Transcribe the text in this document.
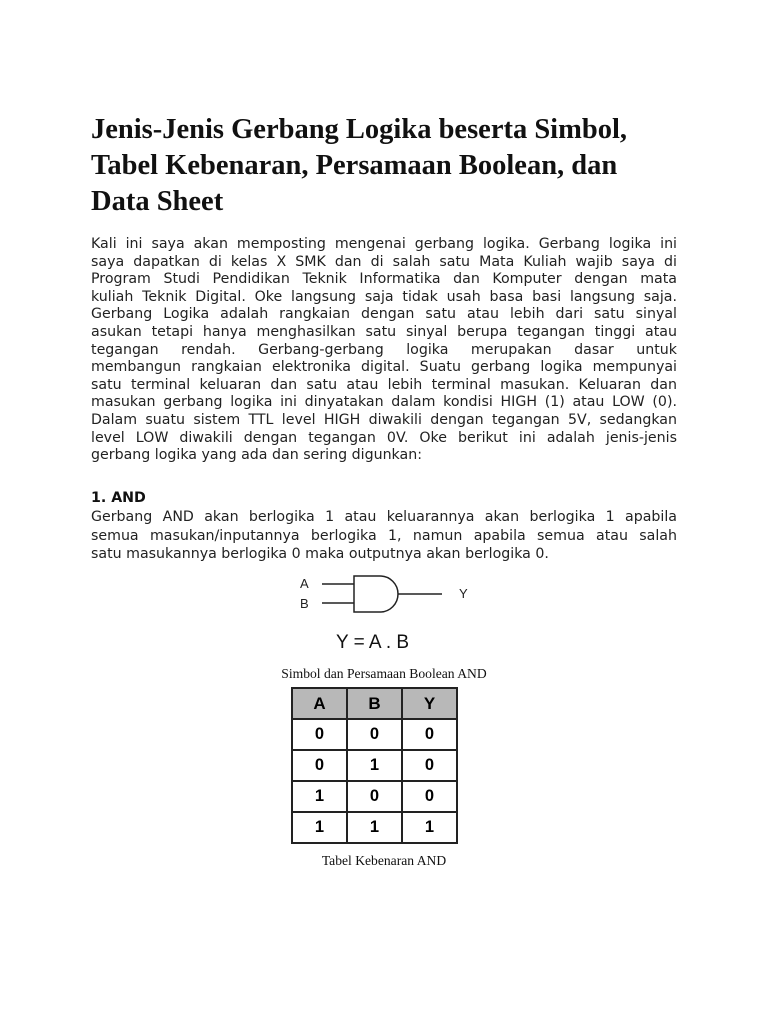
Jenis-Jenis Gerbang Logika beserta Simbol,
Tabel Kebenaran, Persamaan Boolean, dan
Data Sheet
Kali ini saya akan memposting mengenai gerbang logika. Gerbang logika ini
saya dapatkan di kelas X SMK dan di salah satu Mata Kuliah wajib saya di
Program Studi Pendidikan Teknik Informatika dan Komputer dengan mata
kuliah Teknik Digital. Oke langsung saja tidak usah basa basi langsung saja.
Gerbang Logika adalah rangkaian dengan satu atau lebih dari satu sinyal
asukan tetapi hanya menghasilkan satu sinyal berupa tegangan tinggi atau
tegangan rendah. Gerbang-gerbang logika merupakan dasar untuk
membangun rangkaian elektronika digital. Suatu gerbang logika mempunyai
satu terminal keluaran dan satu atau lebih terminal masukan. Keluaran dan
masukan gerbang logika ini dinyatakan dalam kondisi HIGH (1) atau LOW (0).
Dalam suatu sistem TTL level HIGH diwakili dengan tegangan 5V, sedangkan
level LOW diwakili dengan tegangan 0V. Oke berikut ini adalah jenis-jenis
gerbang logika yang ada dan sering digunkan:
1. AND
Gerbang AND akan berlogika 1 atau keluarannya akan berlogika 1 apabila
semua masukan/inputannya berlogika 1, namun apabila semua atau salah
satu masukannya berlogika 0 maka outputnya akan berlogika 0.
A
B
Y

Y = A . B

Simbol dan Persamaan Boolean AND

A	B	Y
0	0	0
0	1	0
1	0	0
1	1	1

Tabel Kebenaran AND
